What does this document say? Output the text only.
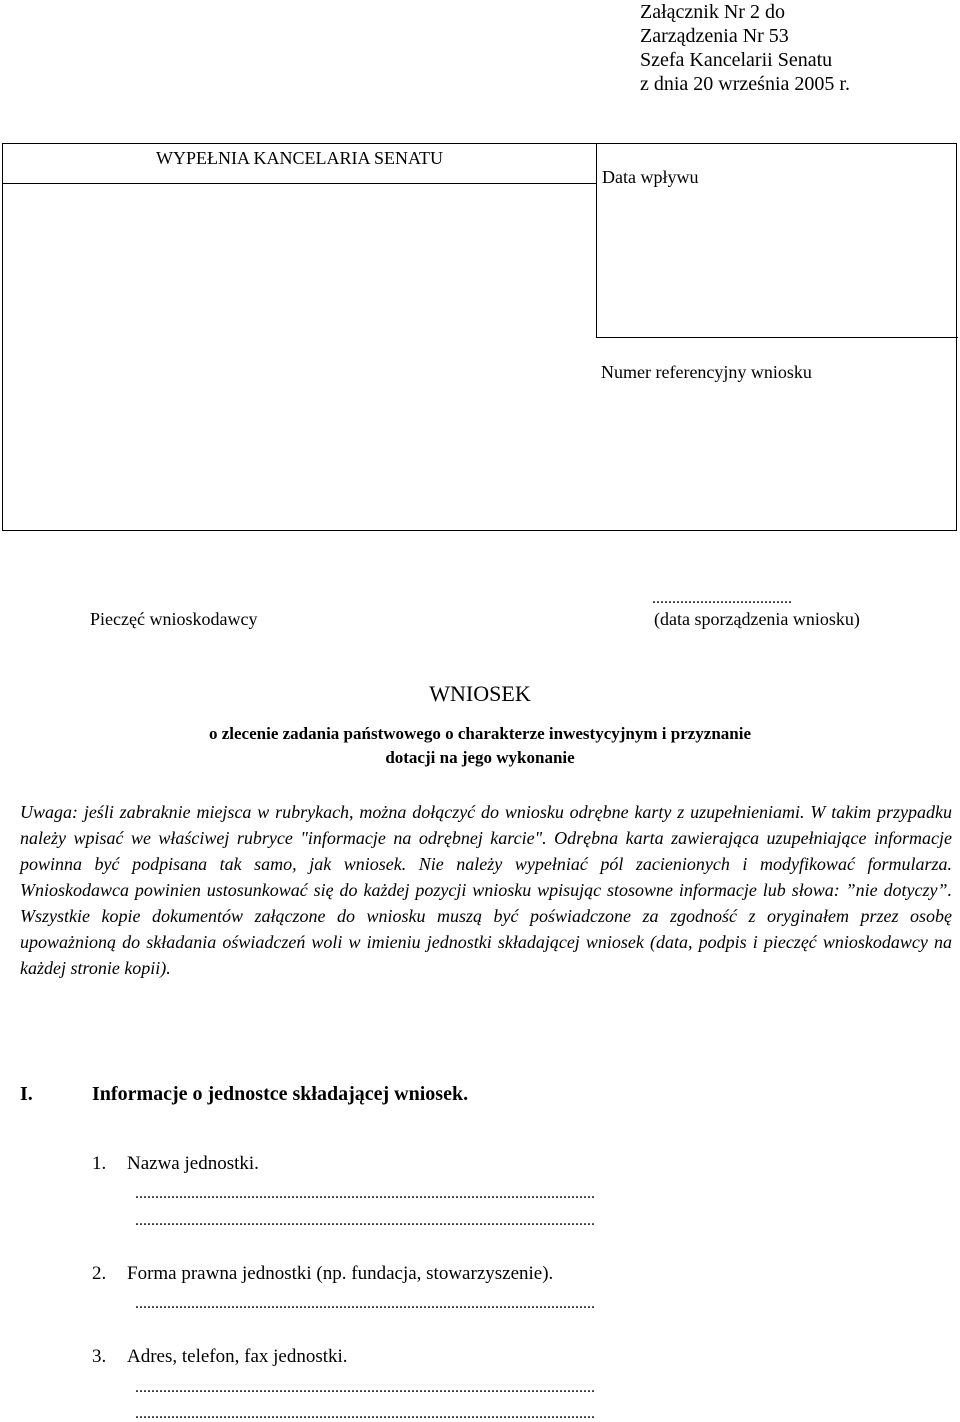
Załącznik Nr 2 do
Zarządzenia Nr 53
Szefa Kancelarii Senatu
z dnia 20 września 2005 r.
WYPEŁNIA KANCELARIA SENATU
Data wpływu
Numer referencyjny wniosku
Pieczęć wnioskodawcy
...................................
(data sporządzenia wniosku)
WNIOSEK
o zlecenie zadania państwowego o charakterze inwestycyjnym i przyznanie
dotacji na jego wykonanie
Uwaga: jeśli zabraknie miejsca w rubrykach, można dołączyć do wniosku odrębne karty z uzupełnieniami. W takim przypadku należy wpisać we właściwej rubryce "informacje na odrębnej karcie". Odrębna karta zawierająca uzupełniające informacje powinna być podpisana tak samo, jak wniosek. Nie należy wypełniać pól zacienionych i modyfikować formularza. Wnioskodawca powinien ustosunkować się do każdej pozycji wniosku wpisując stosowne informacje lub słowa: ”nie dotyczy”. Wszystkie kopie dokumentów załączone do wniosku muszą być poświadczone za zgodność z oryginałem przez osobę upoważnioną do składania oświadczeń woli w imieniu jednostki składającej wniosek (data, podpis i pieczęć wnioskodawcy na każdej stronie kopii).
I.	Informacje o jednostce składającej wniosek.
1. Nazwa jednostki.
...................................................................................................................
...................................................................................................................
2. Forma prawna jednostki (np. fundacja, stowarzyszenie).
...................................................................................................................
3. Adres, telefon, fax jednostki.
...................................................................................................................
...................................................................................................................
